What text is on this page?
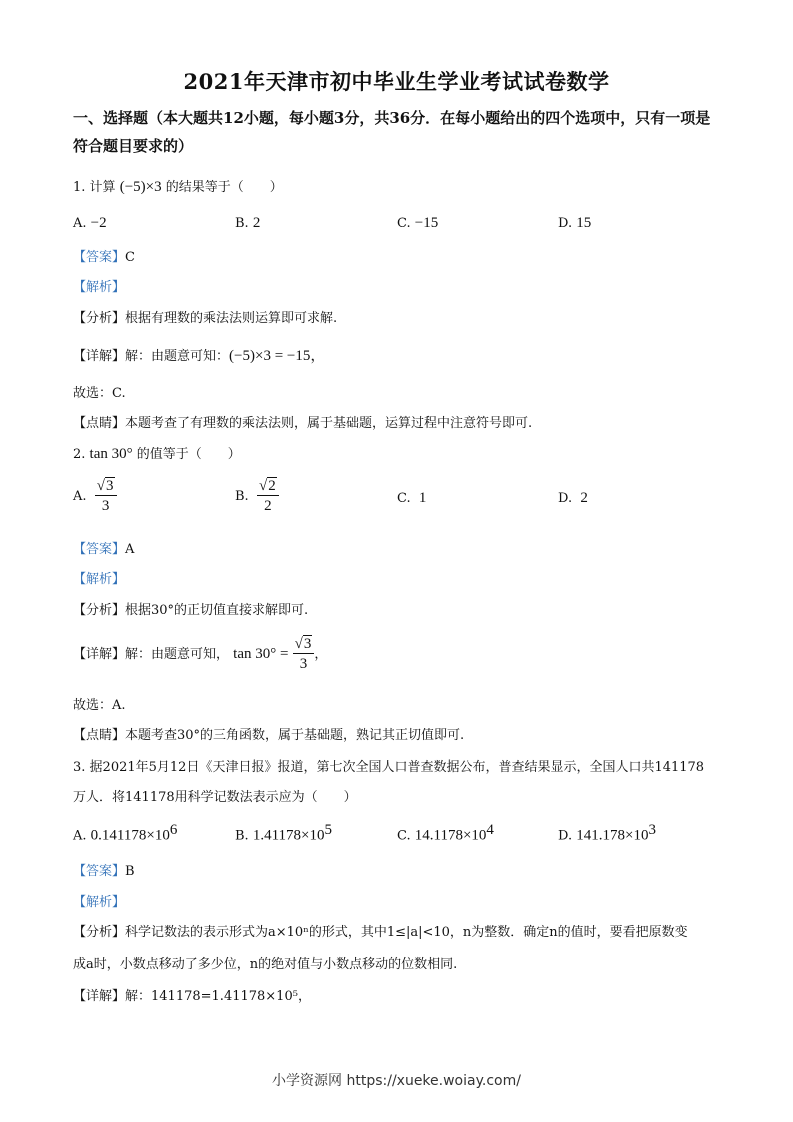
2021年天津市初中毕业生学业考试试卷数学
一、选择题（本大题共12小题，每小题3分，共36分．在每小题给出的四个选项中，只有一项是符合题目要求的）
1. 计算 (−5)×3 的结果等于（　　）
A. −2	B. 2	C. −15	D. 15
【答案】C
【解析】
【分析】根据有理数的乘法法则运算即可求解.
【详解】解：由题意可知：(−5)×3 = −15，
故选：C.
【点睛】本题考查了有理数的乘法法则，属于基础题，运算过程中注意符号即可.
2. tan 30° 的值等于（　　）
A. $\frac{√3}{3}$	B. $\frac{√2}{2}$	C. 1	D. 2
【答案】A
【解析】
【分析】根据30°的正切值直接求解即可.
【详解】解：由题意可知， $\tan 30^\circ = \frac{√3}{3}$ ，
故选：A.
【点睛】本题考查30°的三角函数，属于基础题，熟记其正切值即可.
3. 据2021年5月12日《天津日报》报道，第七次全国人口普查数据公布，普查结果显示，全国人口共141178
万人．将141178用科学记数法表示应为（　　）
A. $0.141178\times 10^6$	B. $1.41178\times 10^5$	C. $14.1178\times 10^4$	D. $141.178\times 10^3$
【答案】B
【解析】
【分析】科学记数法的表示形式为a×10ⁿ的形式，其中1≤|a|<10，n为整数．确定n的值时，要看把原数变
成a时，小数点移动了多少位，n的绝对值与小数点移动的位数相同.
【详解】解：141178=1.41178×10⁵，
小学资源网 https://xueke.woiay.com/
